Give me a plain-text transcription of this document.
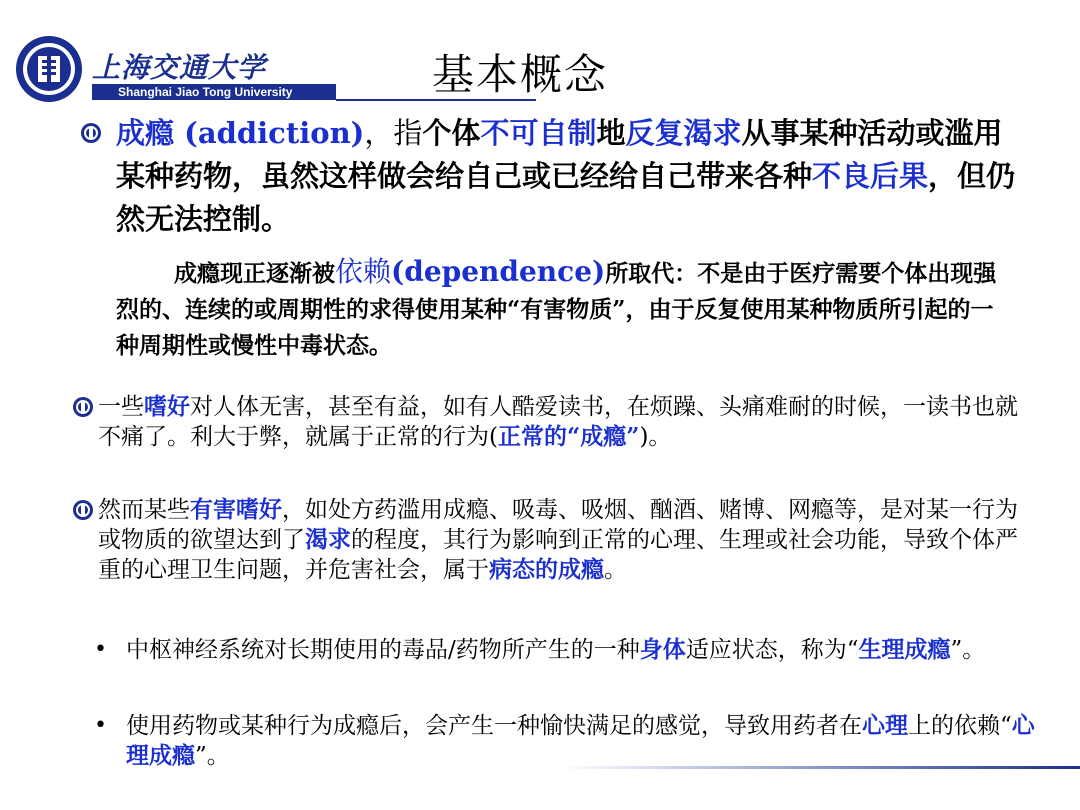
上海交通大学
Shanghai Jiao Tong University	基本概念
成瘾 (addiction)，指个体不可自制地反复渴求从事某种活动或滥用某种药物，虽然这样做会给自己或已经给自己带来各种不良后果，但仍然无法控制。
成瘾现正逐渐被依赖(dependence)所取代：不是由于医疗需要个体出现强烈的、连续的或周期性的求得使用某种“有害物质”，由于反复使用某种物质所引起的一种周期性或慢性中毒状态。
一些嗜好对人体无害，甚至有益，如有人酷爱读书，在烦躁、头痛难耐的时候，一读书也就不痛了。利大于弊，就属于正常的行为(正常的“成瘾”)。
然而某些有害嗜好，如处方药滥用成瘾、吸毒、吸烟、酗酒、赌博、网瘾等，是对某一行为或物质的欲望达到了渴求的程度，其行为影响到正常的心理、生理或社会功能，导致个体严重的心理卫生问题，并危害社会，属于病态的成瘾。
• 中枢神经系统对长期使用的毒品/药物所产生的一种身体适应状态，称为“生理成瘾”。
• 使用药物或某种行为成瘾后，会产生一种愉快满足的感觉，导致用药者在心理上的依赖“心理成瘾”。
